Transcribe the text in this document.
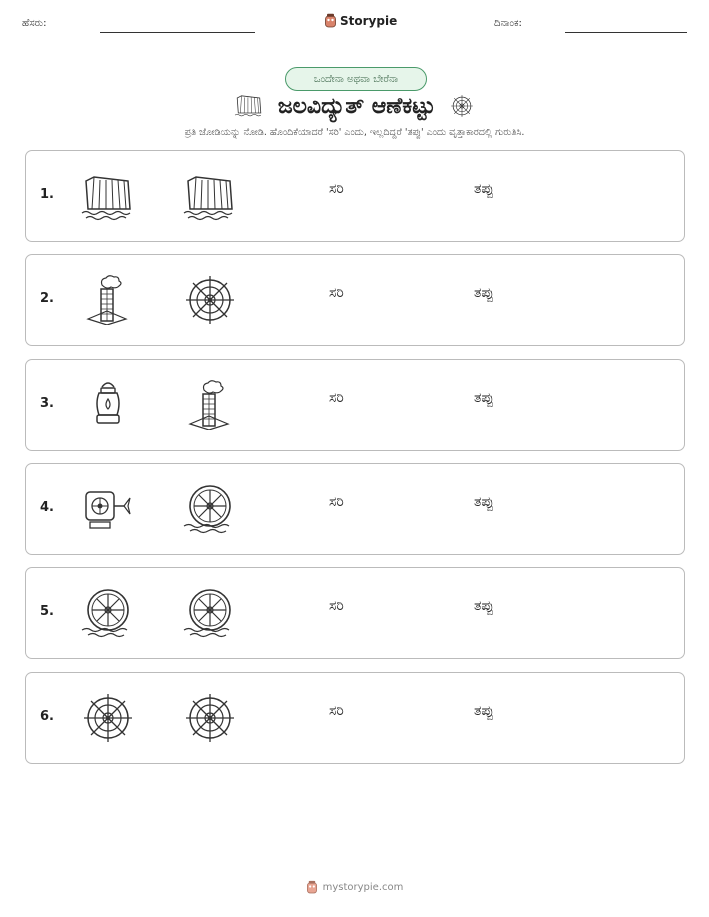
ಹೆಸರು:	Storypie	ದಿನಾಂಕ:
ಒಂದೇನಾ ಅಥವಾ ಬೇರೆನಾ
ಜಲವಿದ್ಯುತ್ ಆಣೆಕಟ್ಟು
ಪ್ರತಿ ಜೋಡಿಯನ್ನು ನೋಡಿ. ಹೊಂದಿಕೆಯಾದರೆ 'ಸರಿ' ಎಂದು, ಇಲ್ಲದಿದ್ದರೆ 'ತಪ್ಪು' ಎಂದು ವೃತ್ತಾಕಾರದಲ್ಲಿ ಗುರುತಿಸಿ.
1.	ಸರಿ	ತಪ್ಪು
2.	ಸರಿ	ತಪ್ಪು
3.	ಸರಿ	ತಪ್ಪು
4.	ಸರಿ	ತಪ್ಪು
5.	ಸರಿ	ತಪ್ಪು
6.	ಸರಿ	ತಪ್ಪು
mystorypie.com
